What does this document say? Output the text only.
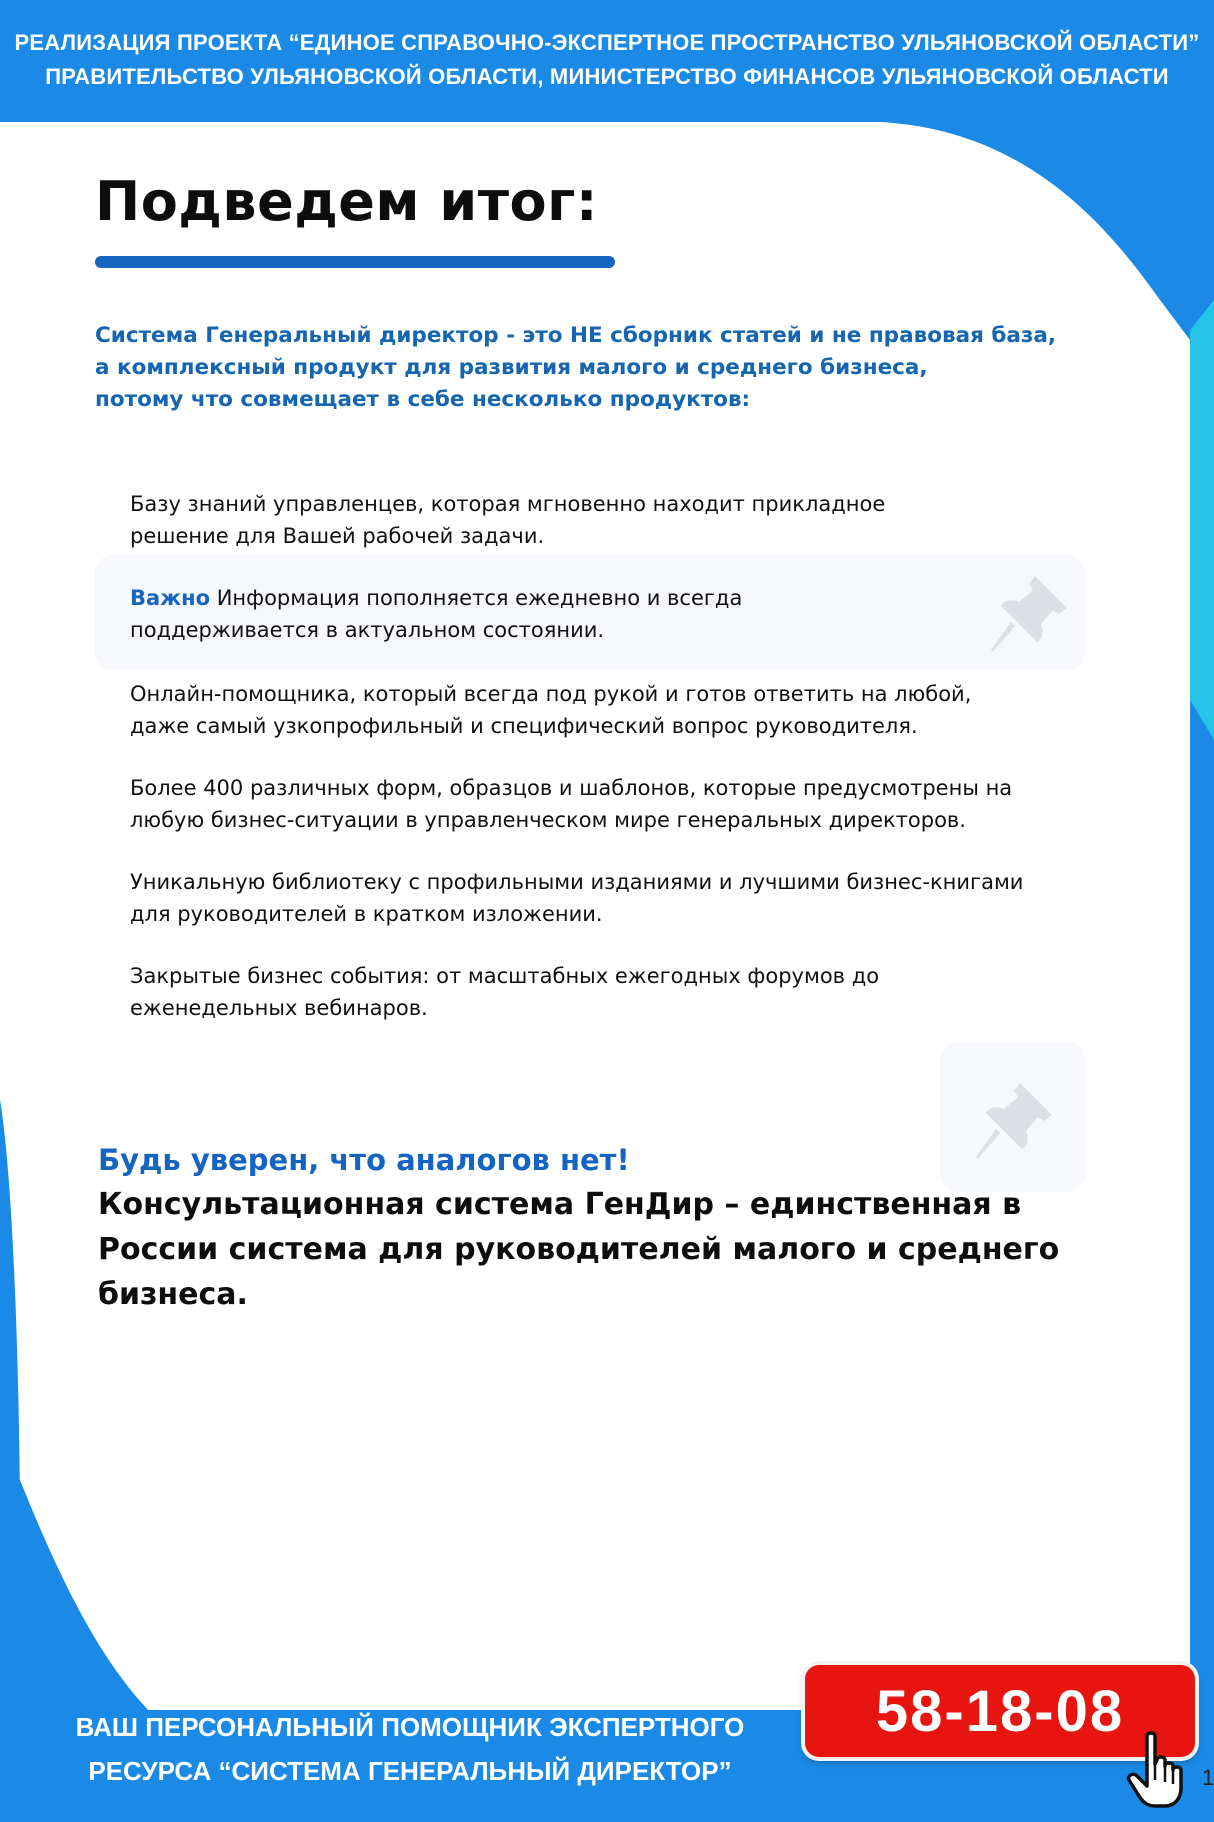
РЕАЛИЗАЦИЯ ПРОЕКТА “ЕДИНОЕ СПРАВОЧНО-ЭКСПЕРТНОЕ ПРОСТРАНСТВО УЛЬЯНОВСКОЙ ОБЛАСТИ”
ПРАВИТЕЛЬСТВО УЛЬЯНОВСКОЙ ОБЛАСТИ, МИНИСТЕРСТВО ФИНАНСОВ УЛЬЯНОВСКОЙ ОБЛАСТИ
Подведем итог:
Система Генеральный директор - это НЕ сборник статей и не правовая база,
а комплексный продукт для развития малого и среднего бизнеса,
потому что совмещает в себе несколько продуктов:
Базу знаний управленцев, которая мгновенно находит прикладное
решение для Вашей рабочей задачи.
Важно Информация пополняется ежедневно и всегда
поддерживается в актуальном состоянии.
Онлайн-помощника, который всегда под рукой и готов ответить на любой,
даже самый узкопрофильный и специфический вопрос руководителя.
Более 400 различных форм, образцов и шаблонов, которые предусмотрены на
любую бизнес-ситуации в управленческом мире генеральных директоров.
Уникальную библиотеку с профильными изданиями и лучшими бизнес-книгами
для руководителей в кратком изложении.
Закрытые бизнес события: от масштабных ежегодных форумов до
еженедельных вебинаров.
Будь уверен, что аналогов нет!
Консультационная система ГенДир – единственная в
России система для руководителей малого и среднего
бизнеса.
ВАШ ПЕРСОНАЛЬНЫЙ ПОМОЩНИК ЭКСПЕРТНОГО
РЕСУРСА “СИСТЕМА ГЕНЕРАЛЬНЫЙ ДИРЕКТОР”
58-18-08
1
